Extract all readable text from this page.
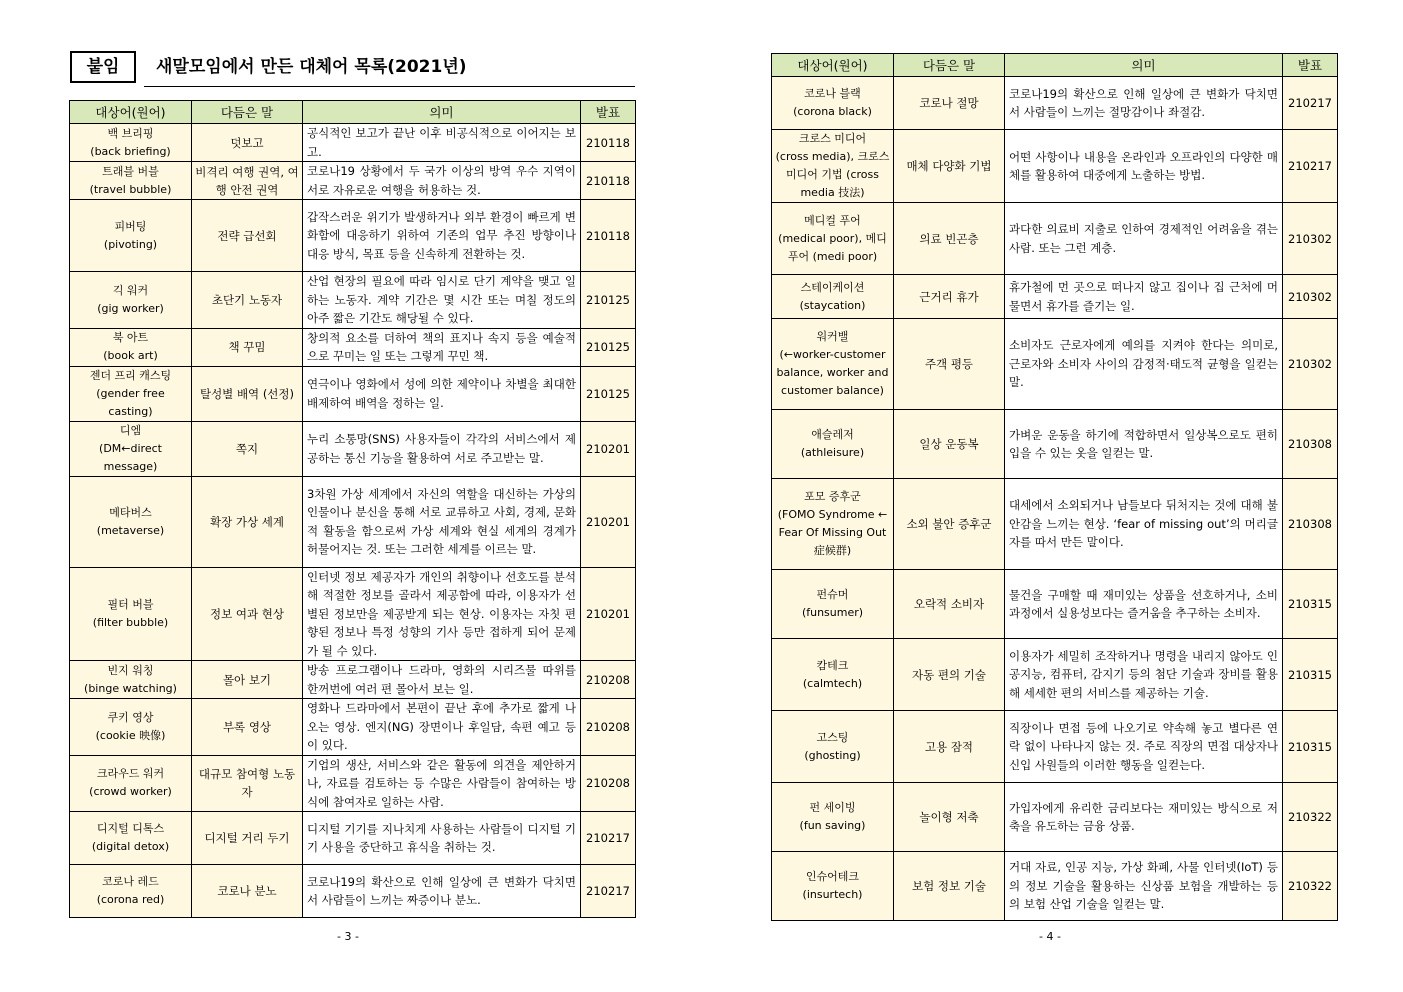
붙임	새말모임에서 만든 대체어 목록(2021년)
대상어(원어)	다듬은 말	의미	발표

백 브리핑
(back briefing)	덧보고	공식적인 보고가 끝난 이후 비공식적으로 이어지는 보고.	210118

트래블 버블
(travel bubble)	비격리 여행 권역, 여행 안전 권역	코로나19 상황에서 두 국가 이상의 방역 우수 지역이 서로 자유로운 여행을 허용하는 것.	210118

피버팅
(pivoting)	전략 급선회	갑작스러운 위기가 발생하거나 외부 환경이 빠르게 변화함에 대응하기 위하여 기존의 업무 추진 방향이나 대응 방식, 목표 등을 신속하게 전환하는 것.	210118

긱 워커
(gig worker)	초단기 노동자	산업 현장의 필요에 따라 임시로 단기 계약을 맺고 일하는 노동자. 계약 기간은 몇 시간 또는 며칠 정도의 아주 짧은 기간도 해당될 수 있다.	210125

북 아트
(book art)	책 꾸밈	창의적 요소를 더하여 책의 표지나 속지 등을 예술적으로 꾸미는 일 또는 그렇게 꾸민 책.	210125

젠더 프리 캐스팅
(gender free casting)	탈성별 배역 (선정)	연극이나 영화에서 성에 의한 제약이나 차별을 최대한 배제하여 배역을 정하는 일.	210125

디엠
(DM←direct message)	쪽지	누리 소통망(SNS) 사용자들이 각각의 서비스에서 제공하는 통신 기능을 활용하여 서로 주고받는 말.	210201

메타버스
(metaverse)	확장 가상 세계	3차원 가상 세계에서 자신의 역할을 대신하는 가상의 인물이나 분신을 통해 서로 교류하고 사회, 경제, 문화적 활동을 함으로써 가상 세계와 현실 세계의 경계가 허물어지는 것. 또는 그러한 세계를 이르는 말.	210201

필터 버블
(filter bubble)	정보 여과 현상	인터넷 정보 제공자가 개인의 취향이나 선호도를 분석해 적절한 정보를 골라서 제공함에 따라, 이용자가 선별된 정보만을 제공받게 되는 현상. 이용자는 자칫 편향된 정보나 특정 성향의 기사 등만 접하게 되어 문제가 될 수 있다.	210201

빈지 워칭
(binge watching)	몰아 보기	방송 프로그램이나 드라마, 영화의 시리즈물 따위를 한꺼번에 여러 편 몰아서 보는 일.	210208

쿠키 영상
(cookie 映像)	부록 영상	영화나 드라마에서 본편이 끝난 후에 추가로 짧게 나오는 영상. 엔지(NG) 장면이나 후일담, 속편 예고 등이 있다.	210208

크라우드 워커
(crowd worker)	대규모 참여형 노동자	기업의 생산, 서비스와 같은 활동에 의견을 제안하거나, 자료를 검토하는 등 수많은 사람들이 참여하는 방식에 참여자로 일하는 사람.	210208

디지털 디톡스
(digital detox)	디지털 거리 두기	디지털 기기를 지나치게 사용하는 사람들이 디지털 기기 사용을 중단하고 휴식을 취하는 것.	210217

코로나 레드
(corona red)	코로나 분노	코로나19의 확산으로 인해 일상에 큰 변화가 닥치면서 사람들이 느끼는 짜증이나 분노.	210217
- 3 -
대상어(원어)	다듬은 말	의미	발표

코로나 블랙
(corona black)	코로나 절망	코로나19의 확산으로 인해 일상에 큰 변화가 닥치면서 사람들이 느끼는 절망감이나 좌절감.	210217

크로스 미디어
(cross media), 크로스 미디어 기법 (cross media 技法)	매체 다양화 기법	어떤 사항이나 내용을 온라인과 오프라인의 다양한 매체를 활용하여 대중에게 노출하는 방법.	210217

메디컬 푸어
(medical poor), 메디 푸어 (medi poor)	의료 빈곤층	과다한 의료비 지출로 인하여 경제적인 어려움을 겪는 사람. 또는 그런 계층.	210302

스테이케이션
(staycation)	근거리 휴가	휴가철에 먼 곳으로 떠나지 않고 집이나 집 근처에 머물면서 휴가를 즐기는 일.	210302

워커밸
(←worker-customer balance, worker and customer balance)	주객 평등	소비자도 근로자에게 예의를 지켜야 한다는 의미로, 근로자와 소비자 사이의 감정적·태도적 균형을 일컫는 말.	210302

애슬레저
(athleisure)	일상 운동복	가벼운 운동을 하기에 적합하면서 일상복으로도 편히 입을 수 있는 옷을 일컫는 말.	210308

포모 증후군
(FOMO Syndrome ← Fear Of Missing Out 症候群)	소외 불안 증후군	대세에서 소외되거나 남들보다 뒤처지는 것에 대해 불안감을 느끼는 현상. ‘fear of missing out’의 머리글자를 따서 만든 말이다.	210308

펀슈머
(funsumer)	오락적 소비자	물건을 구매할 때 재미있는 상품을 선호하거나, 소비 과정에서 실용성보다는 즐거움을 추구하는 소비자.	210315

캄테크
(calmtech)	자동 편의 기술	이용자가 세밀히 조작하거나 명령을 내리지 않아도 인공지능, 컴퓨터, 감지기 등의 첨단 기술과 장비를 활용해 세세한 편의 서비스를 제공하는 기술.	210315

고스팅
(ghosting)	고용 잠적	직장이나 면접 등에 나오기로 약속해 놓고 별다른 연락 없이 나타나지 않는 것. 주로 직장의 면접 대상자나 신입 사원들의 이러한 행동을 일컫는다.	210315

펀 세이빙
(fun saving)	놀이형 저축	가입자에게 유리한 금리보다는 재미있는 방식으로 저축을 유도하는 금융 상품.	210322

인슈어테크
(insurtech)	보험 정보 기술	거대 자료, 인공 지능, 가상 화폐, 사물 인터넷(IoT) 등의 정보 기술을 활용하는 신상품 보험을 개발하는 등의 보험 산업 기술을 일컫는 말.	210322
- 4 -
